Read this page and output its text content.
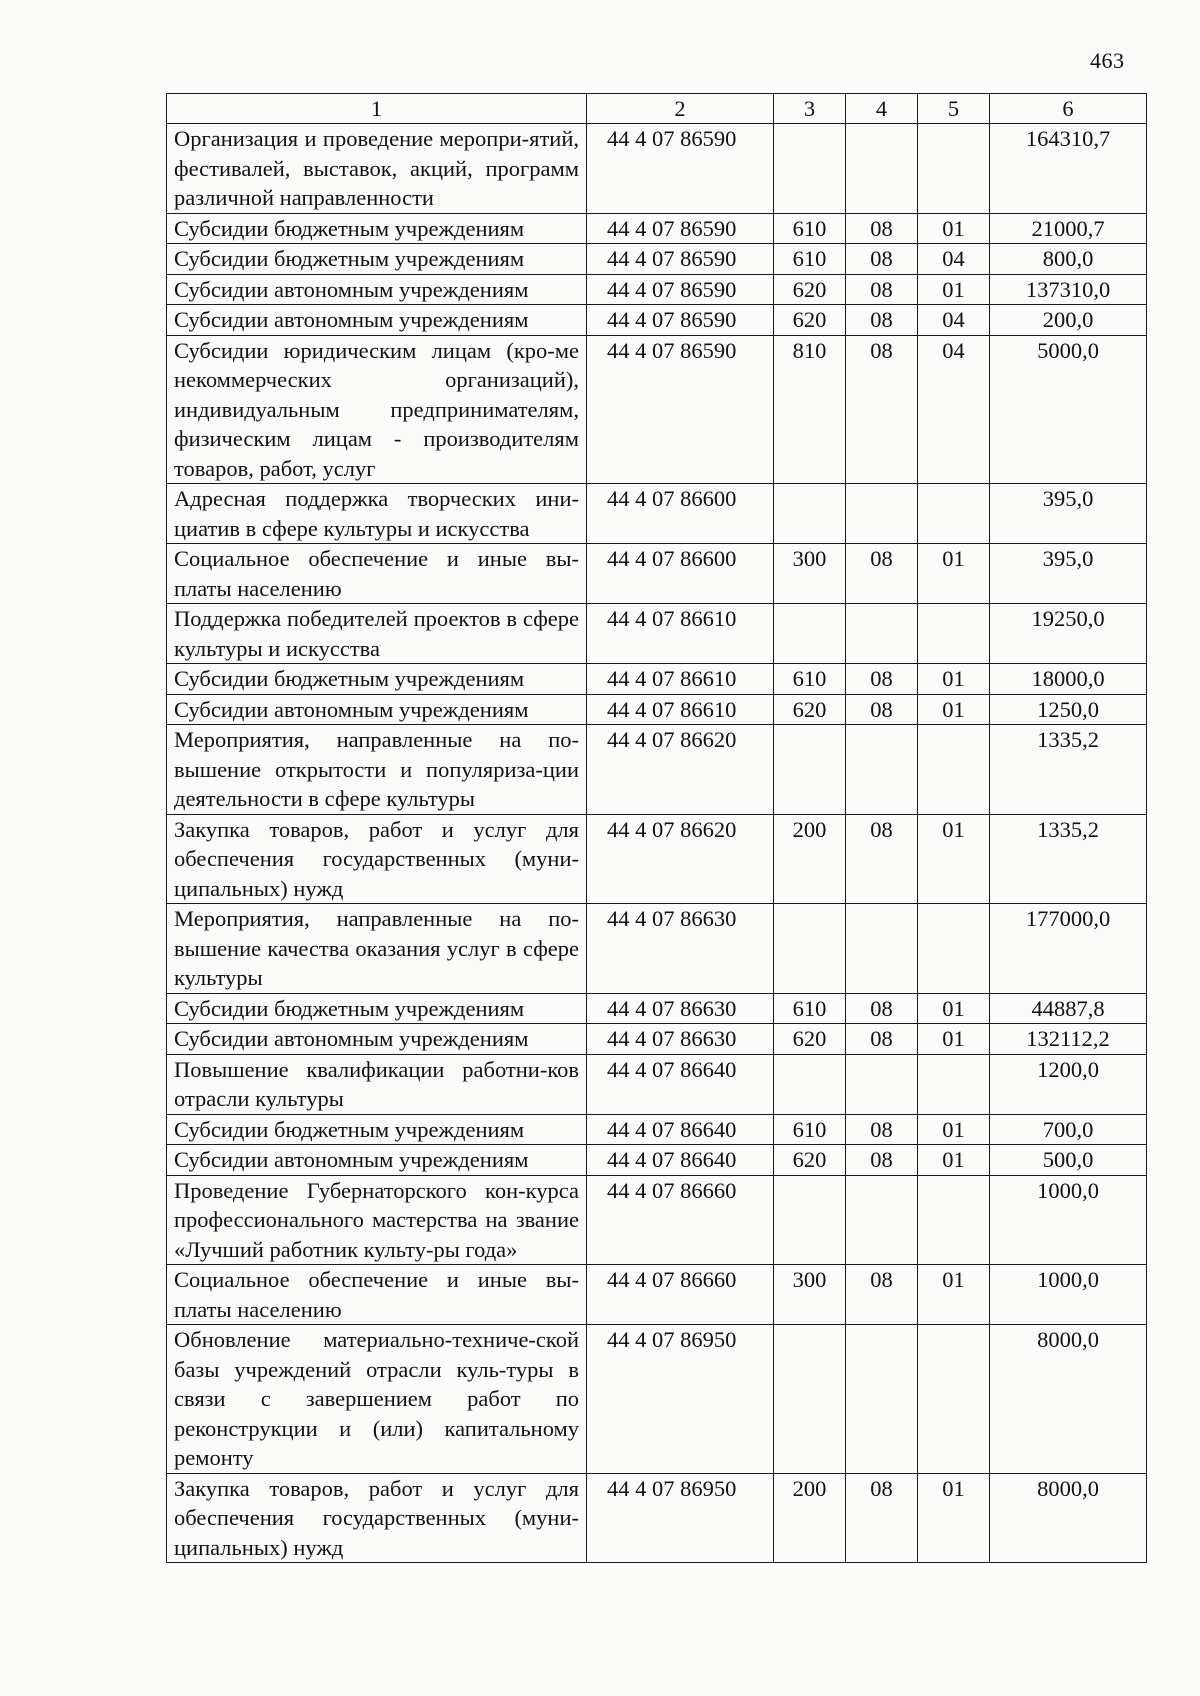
463
1	2	3	4	5	6
Организация и проведение меропри-ятий, фестивалей, выставок, акций, программ различной направленности	44 4 07 86590				164310,7
Субсидии бюджетным учреждениям	44 4 07 86590	610	08	01	21000,7
Субсидии бюджетным учреждениям	44 4 07 86590	610	08	04	800,0
Субсидии автономным учреждениям	44 4 07 86590	620	08	01	137310,0
Субсидии автономным учреждениям	44 4 07 86590	620	08	04	200,0
Субсидии юридическим лицам (кро-ме некоммерческих организаций), индивидуальным предпринимателям, физическим лицам - производителям товаров, работ, услуг	44 4 07 86590	810	08	04	5000,0
Адресная поддержка творческих ини-циатив в сфере культуры и искусства	44 4 07 86600				395,0
Социальное обеспечение и иные вы-платы населению	44 4 07 86600	300	08	01	395,0
Поддержка победителей проектов в сфере культуры и искусства	44 4 07 86610				19250,0
Субсидии бюджетным учреждениям	44 4 07 86610	610	08	01	18000,0
Субсидии автономным учреждениям	44 4 07 86610	620	08	01	1250,0
Мероприятия, направленные на по-вышение открытости и популяриза-ции деятельности в сфере культуры	44 4 07 86620				1335,2
Закупка товаров, работ и услуг для обеспечения государственных (муни-ципальных) нужд	44 4 07 86620	200	08	01	1335,2
Мероприятия, направленные на по-вышение качества оказания услуг в сфере культуры	44 4 07 86630				177000,0
Субсидии бюджетным учреждениям	44 4 07 86630	610	08	01	44887,8
Субсидии автономным учреждениям	44 4 07 86630	620	08	01	132112,2
Повышение квалификации работни-ков отрасли культуры	44 4 07 86640				1200,0
Субсидии бюджетным учреждениям	44 4 07 86640	610	08	01	700,0
Субсидии автономным учреждениям	44 4 07 86640	620	08	01	500,0
Проведение Губернаторского кон-курса профессионального мастерства на звание «Лучший работник культу-ры года»	44 4 07 86660				1000,0
Социальное обеспечение и иные вы-платы населению	44 4 07 86660	300	08	01	1000,0
Обновление материально-техниче-ской базы учреждений отрасли куль-туры в связи с завершением работ по реконструкции и (или) капитальному ремонту	44 4 07 86950				8000,0
Закупка товаров, работ и услуг для обеспечения государственных (муни-ципальных) нужд	44 4 07 86950	200	08	01	8000,0
